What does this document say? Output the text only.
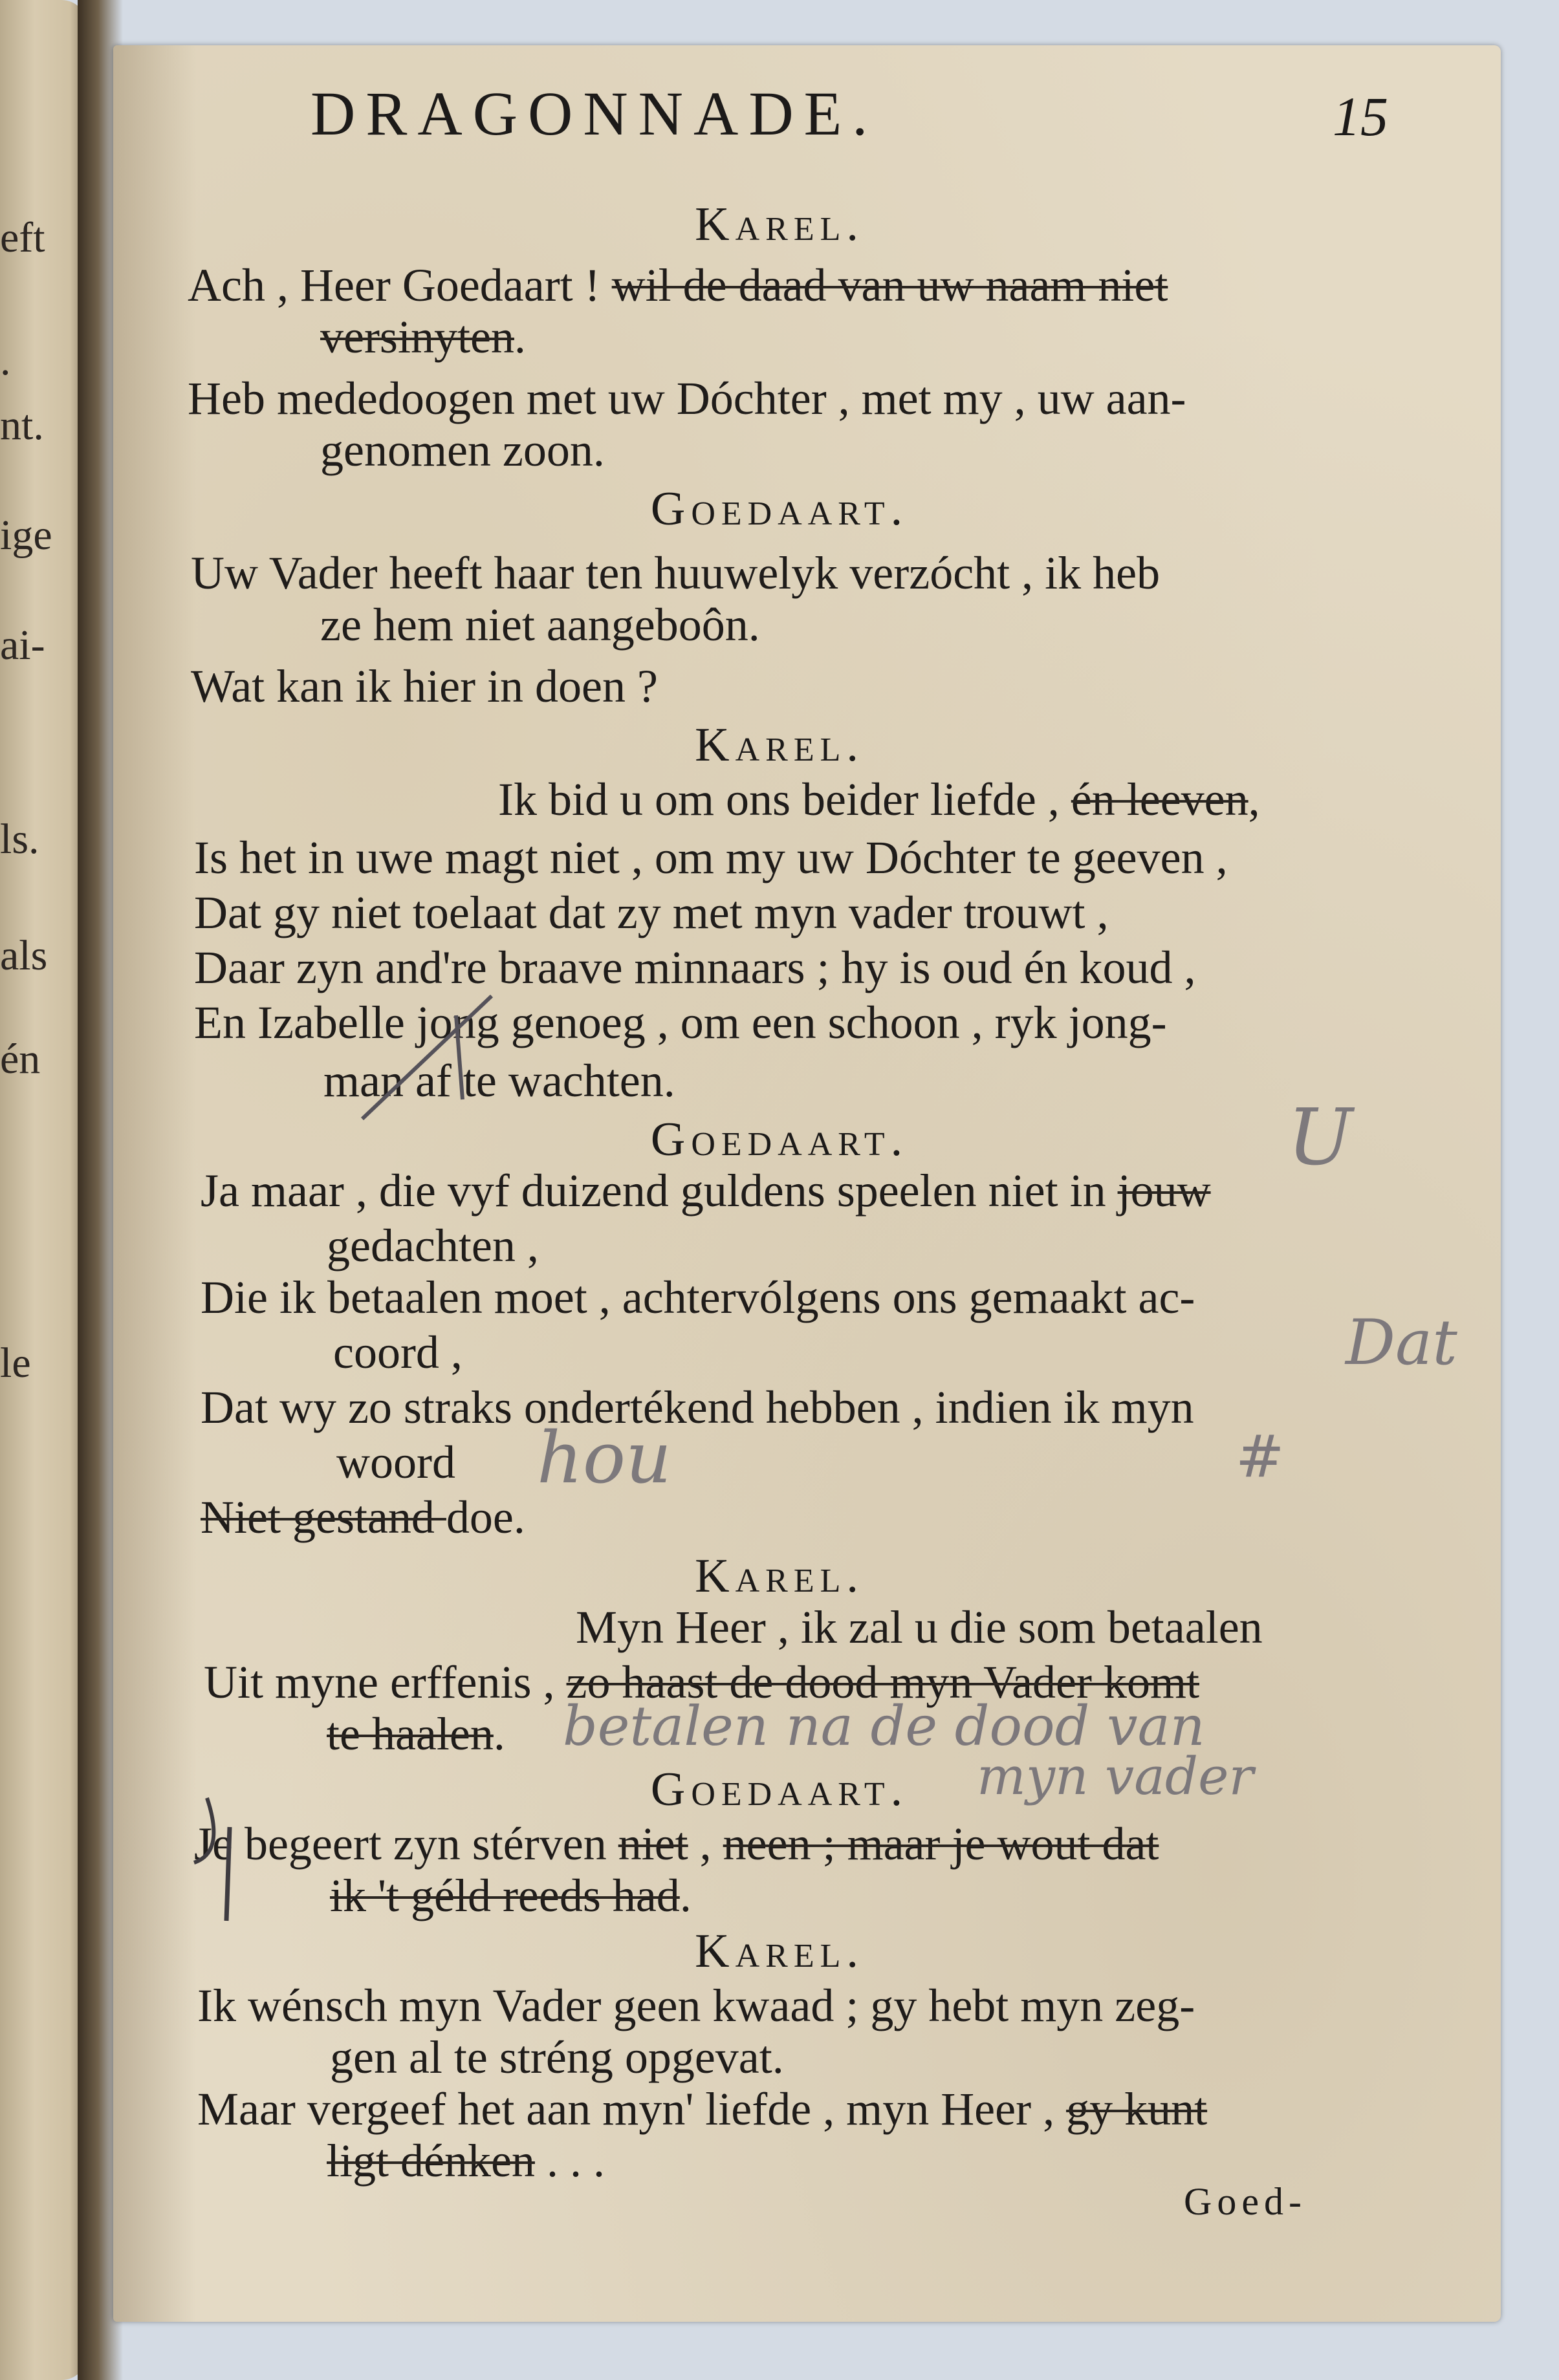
eft
.
nt.
ige
ai-
ls.
als
én
le
DRAGONNADE.	15
Karel.
Ach , Heer Goedaart ! wil de daad van uw naam niet
versinyten.
Heb mededoogen met uw Dóchter , met my , uw aan-
genomen zoon.
Goedaart.
Uw Vader heeft haar ten huuwelyk verzócht , ik heb
ze hem niet aangeboôn.
Wat kan ik hier in doen ?
Karel.
Ik bid u om ons beider liefde , én leeven,
Is het in uwe magt niet , om my uw Dóchter te geeven ,
Dat gy niet toelaat dat zy met myn vader trouwt ,
Daar zyn and're braave minnaars ; hy is oud én koud ,
En Izabelle jong genoeg , om een schoon , ryk jong-
man af te wachten.
Goedaart.
Ja maar , die vyf duizend guldens speelen niet in jouw
gedachten ,
Die ik betaalen moet , achtervólgens ons gemaakt ac-
coord ,
Dat wy zo straks ondertékend hebben , indien ik myn
woord
Niet gestand doe.
Karel.
Myn Heer , ik zal u die som betaalen
Uit myne erffenis , zo haast de dood myn Vader komt
te haalen.
Goedaart.
Je begeert zyn stérven niet , neen ; maar je wout dat
ik 't géld reeds had.
Karel.
Ik wénsch myn Vader geen kwaad ; gy hebt myn zeg-
gen al te stréng opgevat.
Maar vergeef het aan myn' liefde , myn Heer , gy kunt
ligt dénken . . .
Goed-
U
Dat
hou	#
betalen na de dood van
myn vader
